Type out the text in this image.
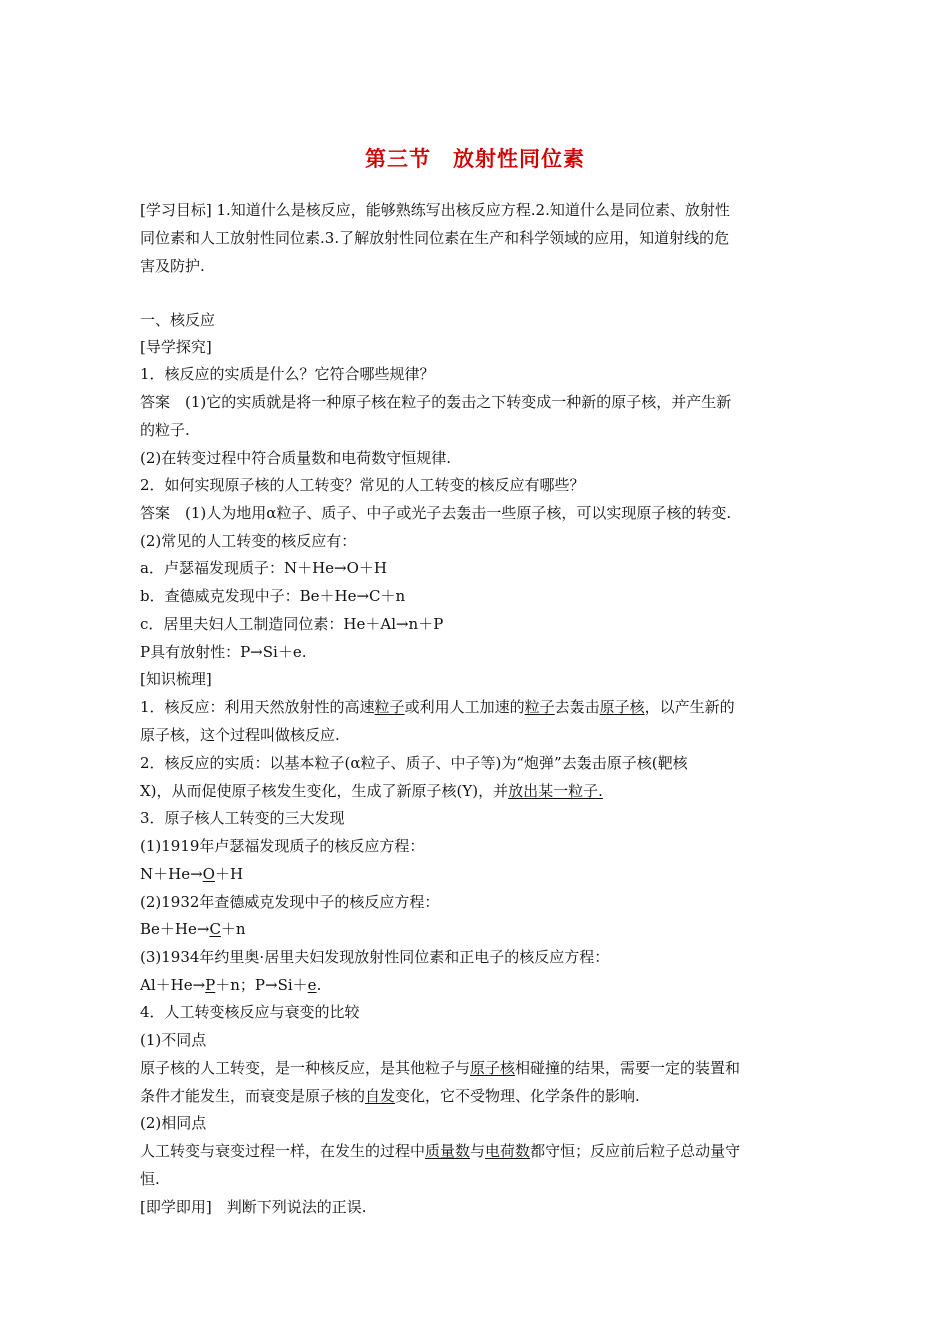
第三节　放射性同位素
[学习目标] 1.知道什么是核反应，能够熟练写出核反应方程.2.知道什么是同位素、放射性
同位素和人工放射性同位素.3.了解放射性同位素在生产和科学领域的应用，知道射线的危
害及防护.
一、核反应
[导学探究]
1．核反应的实质是什么？它符合哪些规律？
答案　(1)它的实质就是将一种原子核在粒子的轰击之下转变成一种新的原子核，并产生新
的粒子.
(2)在转变过程中符合质量数和电荷数守恒规律.
2．如何实现原子核的人工转变？常见的人工转变的核反应有哪些？
答案　(1)人为地用α粒子、质子、中子或光子去轰击一些原子核，可以实现原子核的转变.
(2)常见的人工转变的核反应有：
a．卢瑟福发现质子：N＋He→O＋H
b．查德威克发现中子：Be＋He→C＋n
c．居里夫妇人工制造同位素：He＋Al→n＋P
P具有放射性：P→Si＋e.
[知识梳理]
1．核反应：利用天然放射性的高速粒子或利用人工加速的粒子去轰击原子核，以产生新的
原子核，这个过程叫做核反应.
2．核反应的实质：以基本粒子(α粒子、质子、中子等)为“炮弹”去轰击原子核(靶核
X)，从而促使原子核发生变化，生成了新原子核(Y)，并放出某一粒子.
3．原子核人工转变的三大发现
(1)1919年卢瑟福发现质子的核反应方程：
N＋He→O＋H
(2)1932年查德威克发现中子的核反应方程：
Be＋He→C＋n
(3)1934年约里奥·居里夫妇发现放射性同位素和正电子的核反应方程：
Al＋He→P＋n；P→Si＋e.
4．人工转变核反应与衰变的比较
(1)不同点
原子核的人工转变，是一种核反应，是其他粒子与原子核相碰撞的结果，需要一定的装置和
条件才能发生，而衰变是原子核的自发变化，它不受物理、化学条件的影响.
(2)相同点
人工转变与衰变过程一样，在发生的过程中质量数与电荷数都守恒；反应前后粒子总动量守
恒.
[即学即用]　判断下列说法的正误.
